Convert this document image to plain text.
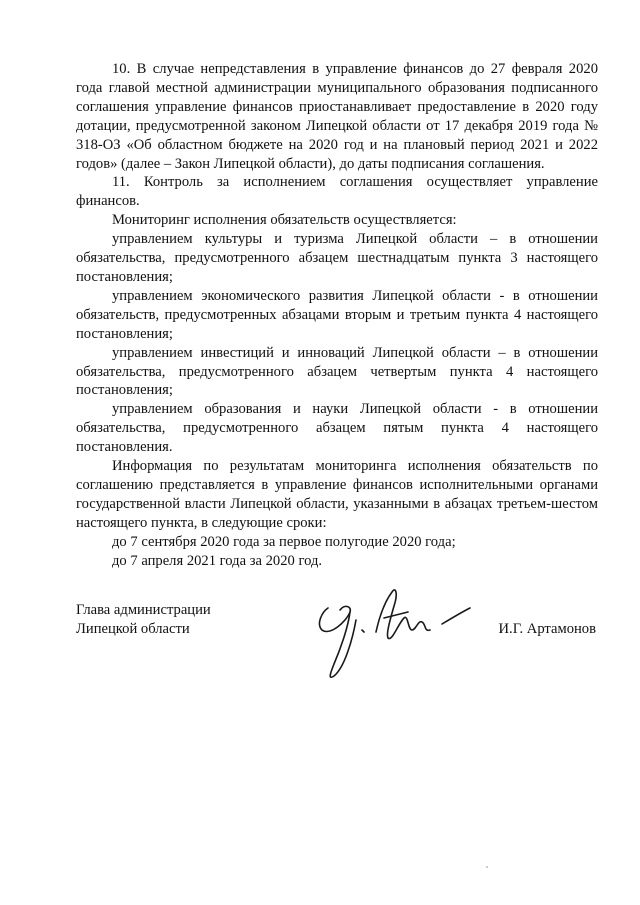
10. В случае непредставления в управление финансов до 27 февраля 2020 года главой местной администрации муниципального образования подписанного соглашения управление финансов приостанавливает предоставление в 2020 году дотации, предусмотренной законом Липецкой области от 17 декабря 2019 года № 318-ОЗ «Об областном бюджете на 2020 год и на плановый период 2021 и 2022 годов» (далее – Закон Липецкой области), до даты подписания соглашения.

11. Контроль за исполнением соглашения осуществляет управление финансов.

Мониторинг исполнения обязательств осуществляется:

управлением культуры и туризма Липецкой области – в отношении обязательства, предусмотренного абзацем шестнадцатым пункта 3 настоящего постановления;

управлением экономического развития Липецкой области - в отношении обязательств, предусмотренных абзацами вторым и третьим пункта 4 настоящего постановления;

управлением инвестиций и инноваций Липецкой области – в отношении обязательства, предусмотренного абзацем четвертым пункта 4 настоящего постановления;

управлением образования и науки Липецкой области - в отношении обязательства, предусмотренного абзацем пятым пункта 4 настоящего постановления.

Информация по результатам мониторинга исполнения обязательств по соглашению представляется в управление финансов исполнительными органами государственной власти Липецкой области, указанными в абзацах третьем-шестом настоящего пункта, в следующие сроки:

до 7 сентября 2020 года за первое полугодие 2020 года;

до 7 апреля 2021 года за 2020 год.

Глава администрации
Липецкой области	И.Г. Артамонов
